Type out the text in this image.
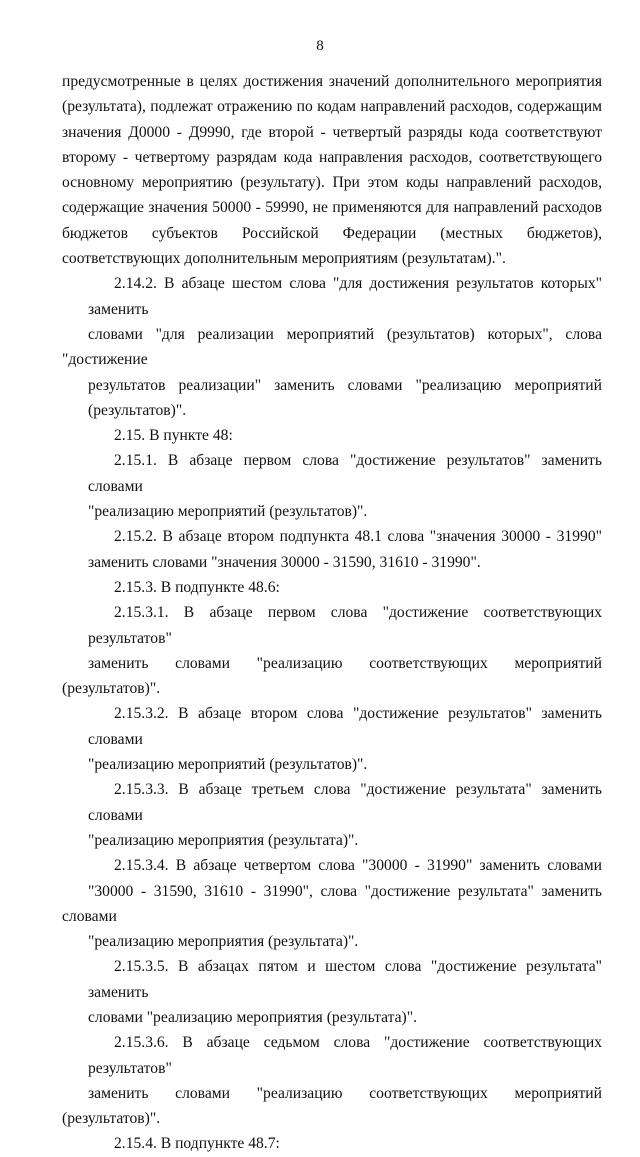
8
предусмотренные в целях достижения значений дополнительного мероприятия
(результата), подлежат отражению по кодам направлений расходов, содержащим
значения Д0000 - Д9990, где второй - четвертый разряды кода соответствуют
второму - четвертому разрядам кода направления расходов, соответствующего
основному мероприятию (результату). При этом коды направлений расходов,
содержащие значения 50000 - 59990, не применяются для направлений расходов
бюджетов субъектов Российской Федерации (местных бюджетов),
соответствующих дополнительным мероприятиям (результатам).".
2.14.2. В абзаце шестом слова "для достижения результатов которых" заменить
словами "для реализации мероприятий (результатов) которых", слова "достижение
результатов реализации" заменить словами "реализацию мероприятий
(результатов)".
2.15. В пункте 48:
2.15.1. В абзаце первом слова "достижение результатов" заменить словами
"реализацию мероприятий (результатов)".
2.15.2. В абзаце втором подпункта 48.1 слова "значения 30000 - 31990"
заменить словами "значения 30000 - 31590, 31610 - 31990".
2.15.3. В подпункте 48.6:
2.15.3.1. В абзаце первом слова "достижение соответствующих результатов"
заменить словами "реализацию соответствующих мероприятий (результатов)".
2.15.3.2. В абзаце втором слова "достижение результатов" заменить словами
"реализацию мероприятий (результатов)".
2.15.3.3. В абзаце третьем слова "достижение результата" заменить словами
"реализацию мероприятия (результата)".
2.15.3.4. В абзаце четвертом слова "30000 - 31990" заменить словами
"30000 - 31590, 31610 - 31990", слова "достижение результата" заменить словами
"реализацию мероприятия (результата)".
2.15.3.5. В абзацах пятом и шестом слова "достижение результата" заменить
словами "реализацию мероприятия (результата)".
2.15.3.6. В абзаце седьмом слова "достижение соответствующих результатов"
заменить словами "реализацию соответствующих мероприятий (результатов)".
2.15.4. В подпункте 48.7:
